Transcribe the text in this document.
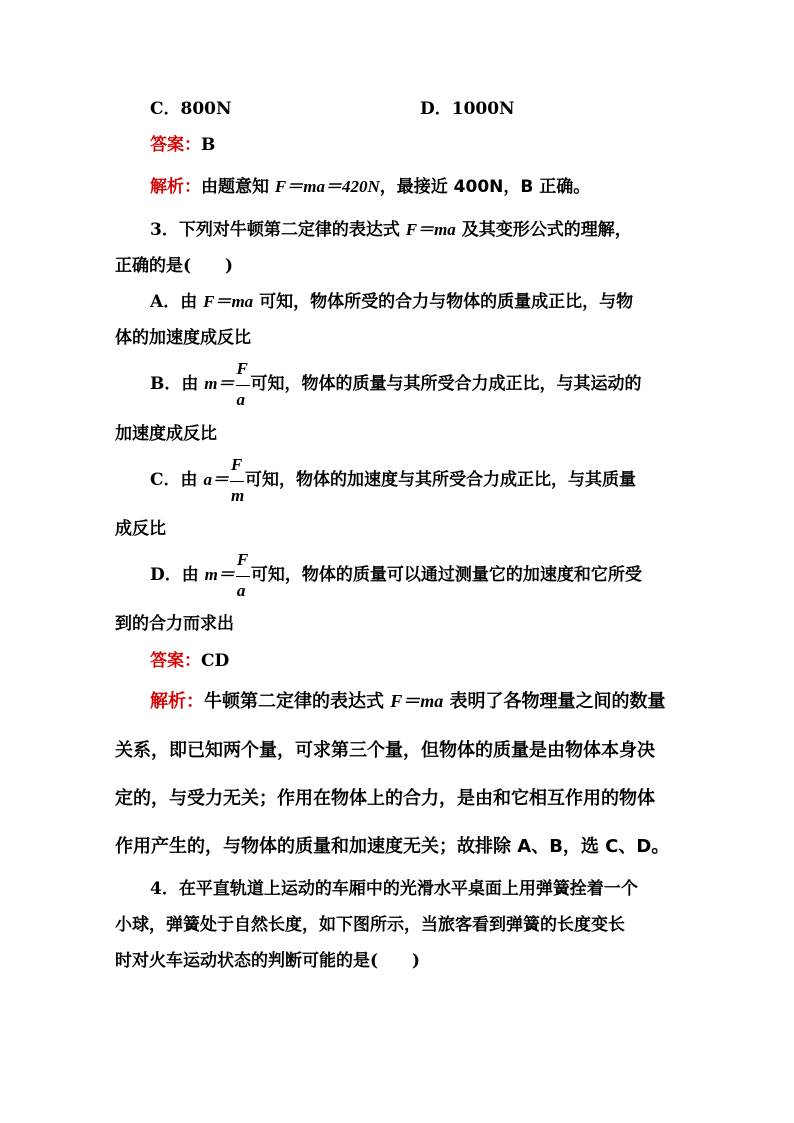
C．800N	D．1000N
答案：B
解析：由题意知 F＝ma＝420N，最接近 400N，B 正确。
3．下列对牛顿第二定律的表达式 F＝ma 及其变形公式的理解，
正确的是(　　)
A．由 F＝ma 可知，物体所受的合力与物体的质量成正比，与物
体的加速度成反比
B．由 $m= \frac{F}{a}$ 可知，物体的质量与其所受合力成正比，与其运动的
加速度成反比
C．由 $a= \frac{F}{m}$ 可知，物体的加速度与其所受合力成正比，与其质量
成反比
D．由 $m= \frac{F}{a}$ 可知，物体的质量可以通过测量它的加速度和它所受
到的合力而求出
答案：CD
解析：牛顿第二定律的表达式 F＝ma 表明了各物理量之间的数量
关系，即已知两个量，可求第三个量，但物体的质量是由物体本身决
定的，与受力无关；作用在物体上的合力，是由和它相互作用的物体
作用产生的，与物体的质量和加速度无关；故排除 A、B，选 C、D。
4．在平直轨道上运动的车厢中的光滑水平桌面上用弹簧拴着一个
小球，弹簧处于自然长度，如下图所示，当旅客看到弹簧的长度变长
时对火车运动状态的判断可能的是(　　)
